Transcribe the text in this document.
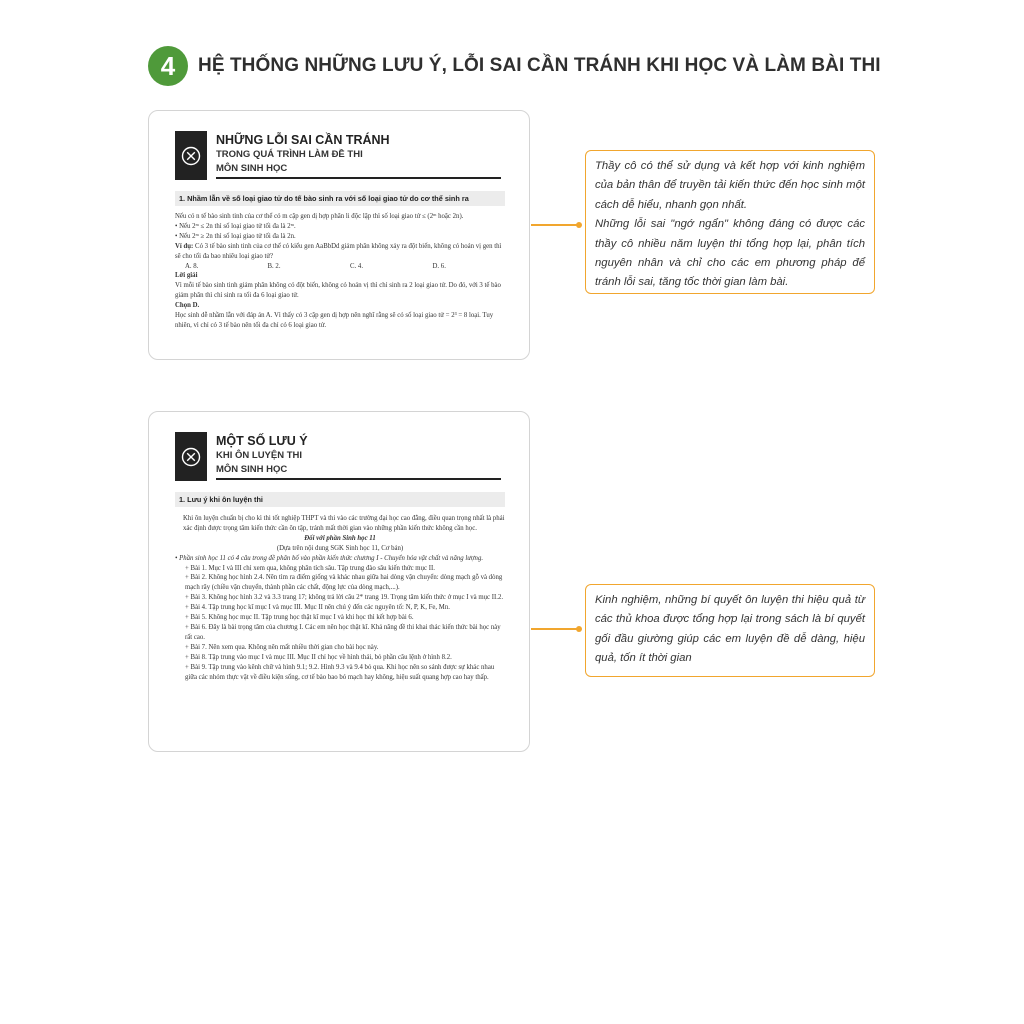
4	HỆ THỐNG NHỮNG LƯU Ý, LỖI SAI CẦN TRÁNH KHI HỌC VÀ LÀM BÀI THI
NHỮNG LỖI SAI CẦN TRÁNH
TRONG QUÁ TRÌNH LÀM ĐỀ THI
MÔN SINH HỌC
1. Nhầm lẫn về số loại giao tử do tế bào sinh ra với số loại giao tử do cơ thể sinh ra

Nếu có n tế bào sinh tinh của cơ thể có m cặp gen dị hợp phân li độc lập thì số loại giao tử ≤ (2ᵐ hoặc 2n).

• Nếu 2ᵐ ≤ 2n thì số loại giao tử tối đa là 2ᵐ.

• Nếu 2ᵐ ≥ 2n thì số loại giao tử tối đa là 2n.

Ví dụ: Có 3 tế bào sinh tinh của cơ thể có kiểu gen AaBbDd giảm phân không xảy ra đột biến, không có hoán vị gen thì sẽ cho tối đa bao nhiêu loại giao tử?

A. 8.	B. 2.	C. 4.	D. 6.

Lời giải

Vì mỗi tế bào sinh tinh giảm phân không có đột biến, không có hoán vị thì chỉ sinh ra 2 loại giao tử. Do đó, với 3 tế bào giảm phân thì chỉ sinh ra tối đa 6 loại giao tử.

Chọn D.

Học sinh dễ nhầm lẫn với đáp án A. Vì thấy có 3 cặp gen dị hợp nên nghĩ rằng sẽ có số loại giao tử = 2³ = 8 loại. Tuy nhiên, vì chỉ có 3 tế bào nên tối đa chỉ có 6 loại giao tử.

MỘT SỐ LƯU Ý
KHI ÔN LUYỆN THI
MÔN SINH HỌC
1. Lưu ý khi ôn luyện thi

Khi ôn luyện chuẩn bị cho kì thi tốt nghiệp THPT và thi vào các trường đại học cao đẳng, điều quan trọng nhất là phải xác định được trọng tâm kiến thức cần ôn tập, tránh mất thời gian vào những phần kiến thức không cần học.

Đối với phần Sinh học 11

(Dựa trên nội dung SGK Sinh học 11, Cơ bản)

• Phần sinh học 11 có 4 câu trong đề phân bố vào phần kiến thức chương I - Chuyển hóa vật chất và năng lượng.

+ Bài 1. Mục I và III chỉ xem qua, không phân tích sâu. Tập trung đào sâu kiến thức mục II.

+ Bài 2. Không học hình 2.4. Nên tìm ra điểm giống và khác nhau giữa hai dòng vận chuyển: dòng mạch gỗ và dòng mạch rây (chiều vận chuyển, thành phần các chất, động lực của dòng mạch,...).

+ Bài 3. Không học hình 3.2 và 3.3 trang 17; không trả lời câu 2* trang 19. Trọng tâm kiến thức ở mục I và mục II.2.

+ Bài 4. Tập trung học kĩ mục I và mục III. Mục II nên chú ý đến các nguyên tố: N, P, K, Fe, Mn.

+ Bài 5. Không học mục II. Tập trung học thật kĩ mục I và khi học thì kết hợp bài 6.

+ Bài 6. Đây là bài trọng tâm của chương I. Các em nên học thật kĩ. Khả năng đề thi khai thác kiến thức bài học này rất cao.

+ Bài 7. Nên xem qua. Không nên mất nhiều thời gian cho bài học này.

+ Bài 8. Tập trung vào mục I và mục III. Mục II chỉ học về hình thái, bỏ phần câu lệnh ở hình 8.2.

+ Bài 9. Tập trung vào kênh chữ và hình 9.1; 9.2. Hình 9.3 và 9.4 bỏ qua. Khi học nên so sánh được sự khác nhau giữa các nhóm thực vật về điều kiện sống, cơ tế bào bao bó mạch hay không, hiệu suất quang hợp cao hay thấp.

Thầy cô có thể sử dụng và kết hợp với kinh nghiệm của bản thân để truyền tải kiến thức đến học sinh một cách dễ hiểu, nhanh gọn nhất.

Những lỗi sai "ngớ ngẩn" không đáng có được các thầy cô nhiều năm luyện thi tổng hợp lại, phân tích nguyên nhân và chỉ cho các em phương pháp để tránh lỗi sai, tăng tốc thời gian làm bài.

Kinh nghiệm, những bí quyết ôn luyện thi hiệu quả từ các thủ khoa được tổng hợp lại trong sách là bí quyết gối đầu giường giúp các em luyện đề dễ dàng, hiệu quả, tốn ít thời gian
